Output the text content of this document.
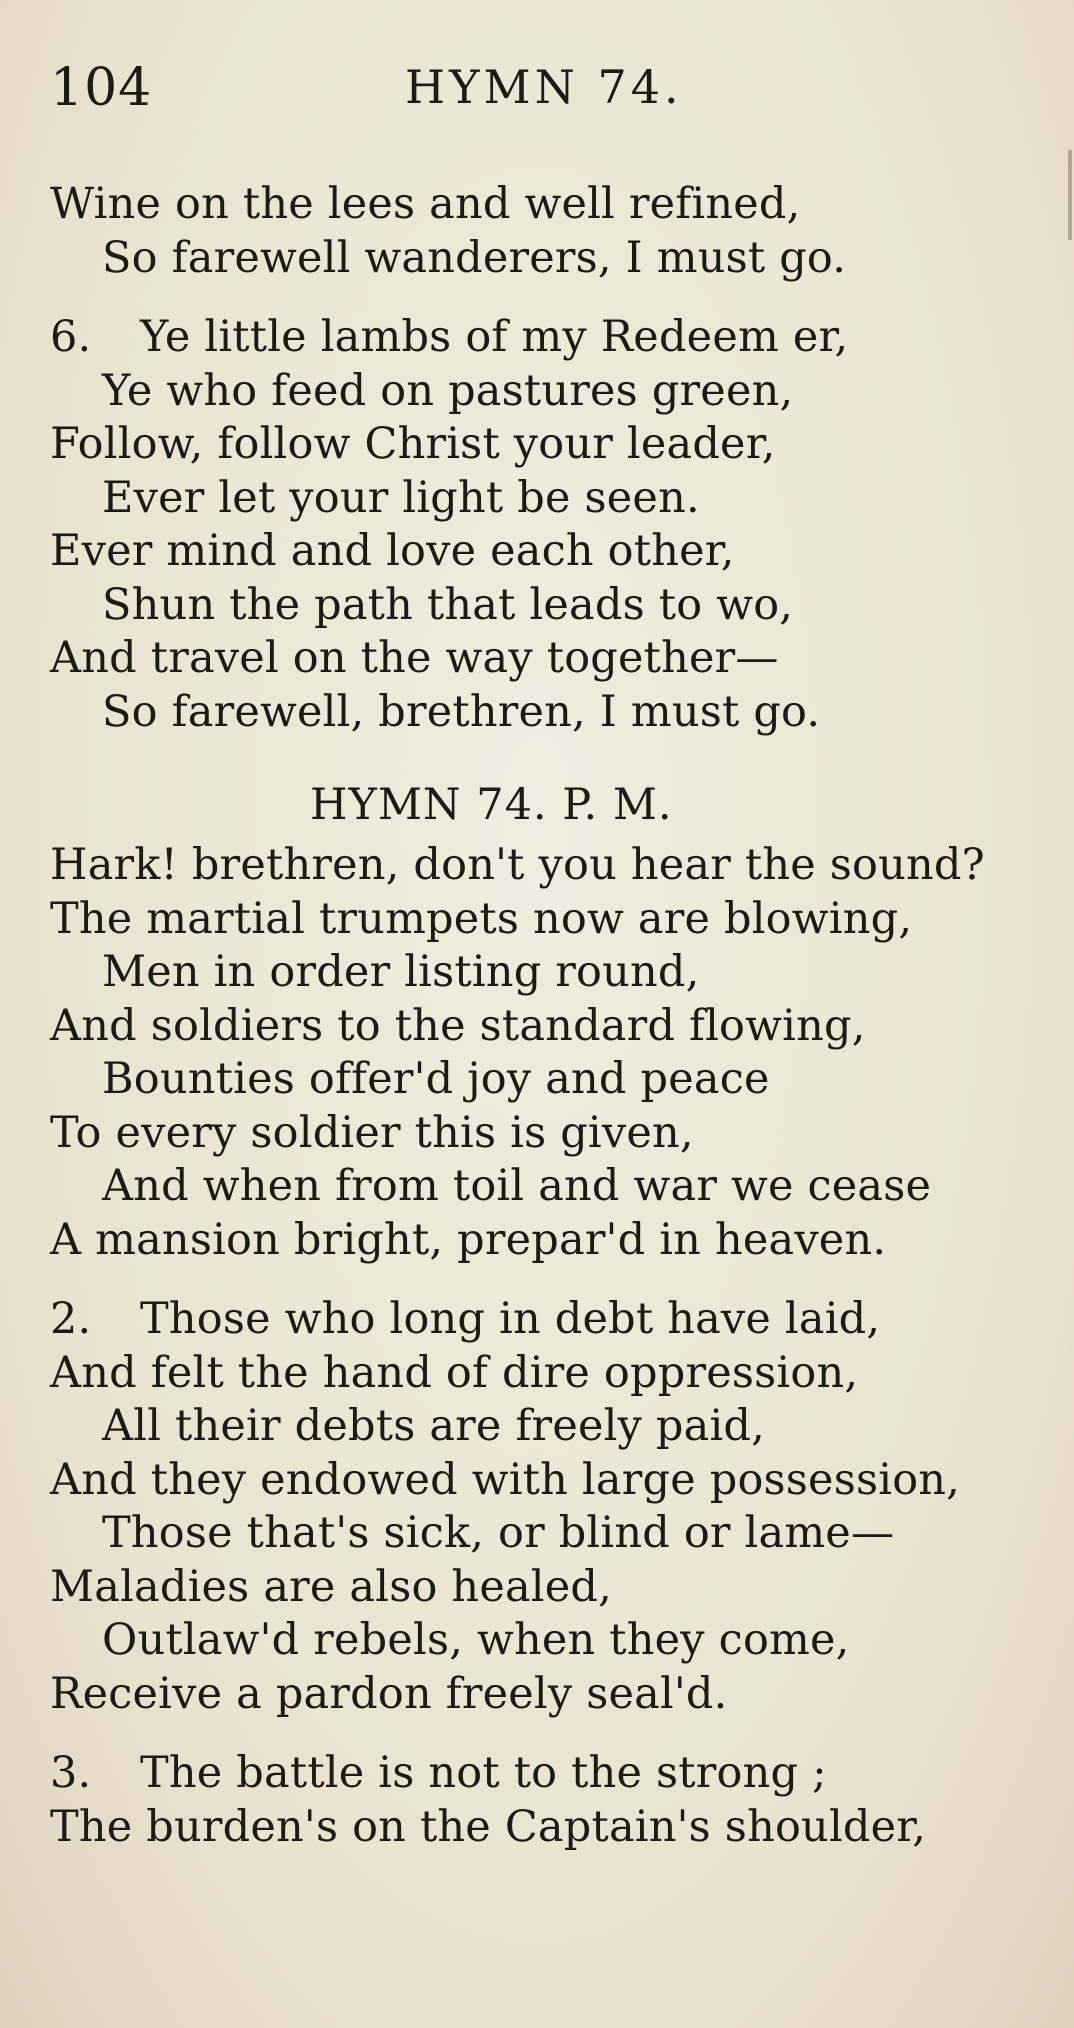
104	HYMN 74.
Wine on the lees and well refined,
So farewell wanderers, I must go.
6. Ye little lambs of my Redeem er,
Ye who feed on pastures green,
Follow, follow Christ your leader,
Ever let your light be seen.
Ever mind and love each other,
Shun the path that leads to wo,
And travel on the way together—
So farewell, brethren, I must go.
HYMN 74. P. M.
Hark! brethren, don't you hear the sound?
The martial trumpets now are blowing,
Men in order listing round,
And soldiers to the standard flowing,
Bounties offer'd joy and peace
To every soldier this is given,
And when from toil and war we cease
A mansion bright, prepar'd in heaven.
2. Those who long in debt have laid,
And felt the hand of dire oppression,
All their debts are freely paid,
And they endowed with large possession,
Those that's sick, or blind or lame—
Maladies are also healed,
Outlaw'd rebels, when they come,
Receive a pardon freely seal'd.
3. The battle is not to the strong ;
The burden's on the Captain's shoulder,
